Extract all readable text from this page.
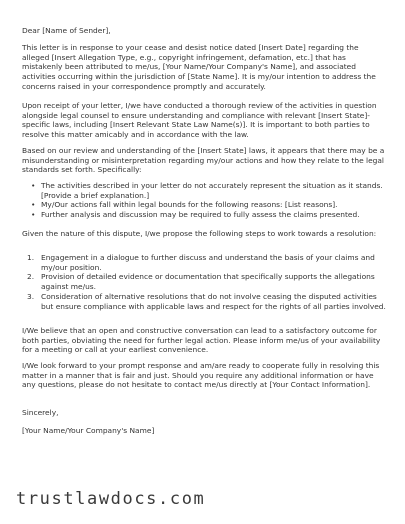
Dear [Name of Sender],

This letter is in response to your cease and desist notice dated [Insert Date] regarding the alleged [Insert Allegation Type, e.g., copyright infringement, defamation, etc.] that has mistakenly been attributed to me/us, [Your Name/Your Company's Name], and associated activities occurring within the jurisdiction of [State Name]. It is my/our intention to address the concerns raised in your correspondence promptly and accurately.

Upon receipt of your letter, I/we have conducted a thorough review of the activities in question alongside legal counsel to ensure understanding and compliance with relevant [Insert State]-specific laws, including [Insert Relevant State Law Name(s)]. It is important to both parties to resolve this matter amicably and in accordance with the law.

Based on our review and understanding of the [Insert State] laws, it appears that there may be a misunderstanding or misinterpretation regarding my/our actions and how they relate to the legal standards set forth. Specifically:

• The activities described in your letter do not accurately represent the situation as it stands. [Provide a brief explanation.]
• My/Our actions fall within legal bounds for the following reasons: [List reasons].
• Further analysis and discussion may be required to fully assess the claims presented.

Given the nature of this dispute, I/we propose the following steps to work towards a resolution:

1. Engagement in a dialogue to further discuss and understand the basis of your claims and my/our position.
2. Provision of detailed evidence or documentation that specifically supports the allegations against me/us.
3. Consideration of alternative resolutions that do not involve ceasing the disputed activities but ensure compliance with applicable laws and respect for the rights of all parties involved.

I/We believe that an open and constructive conversation can lead to a satisfactory outcome for both parties, obviating the need for further legal action. Please inform me/us of your availability for a meeting or call at your earliest convenience.

I/We look forward to your prompt response and am/are ready to cooperate fully in resolving this matter in a manner that is fair and just. Should you require any additional information or have any questions, please do not hesitate to contact me/us directly at [Your Contact Information].

Sincerely,

[Your Name/Your Company's Name]

trustlawdocs.com
